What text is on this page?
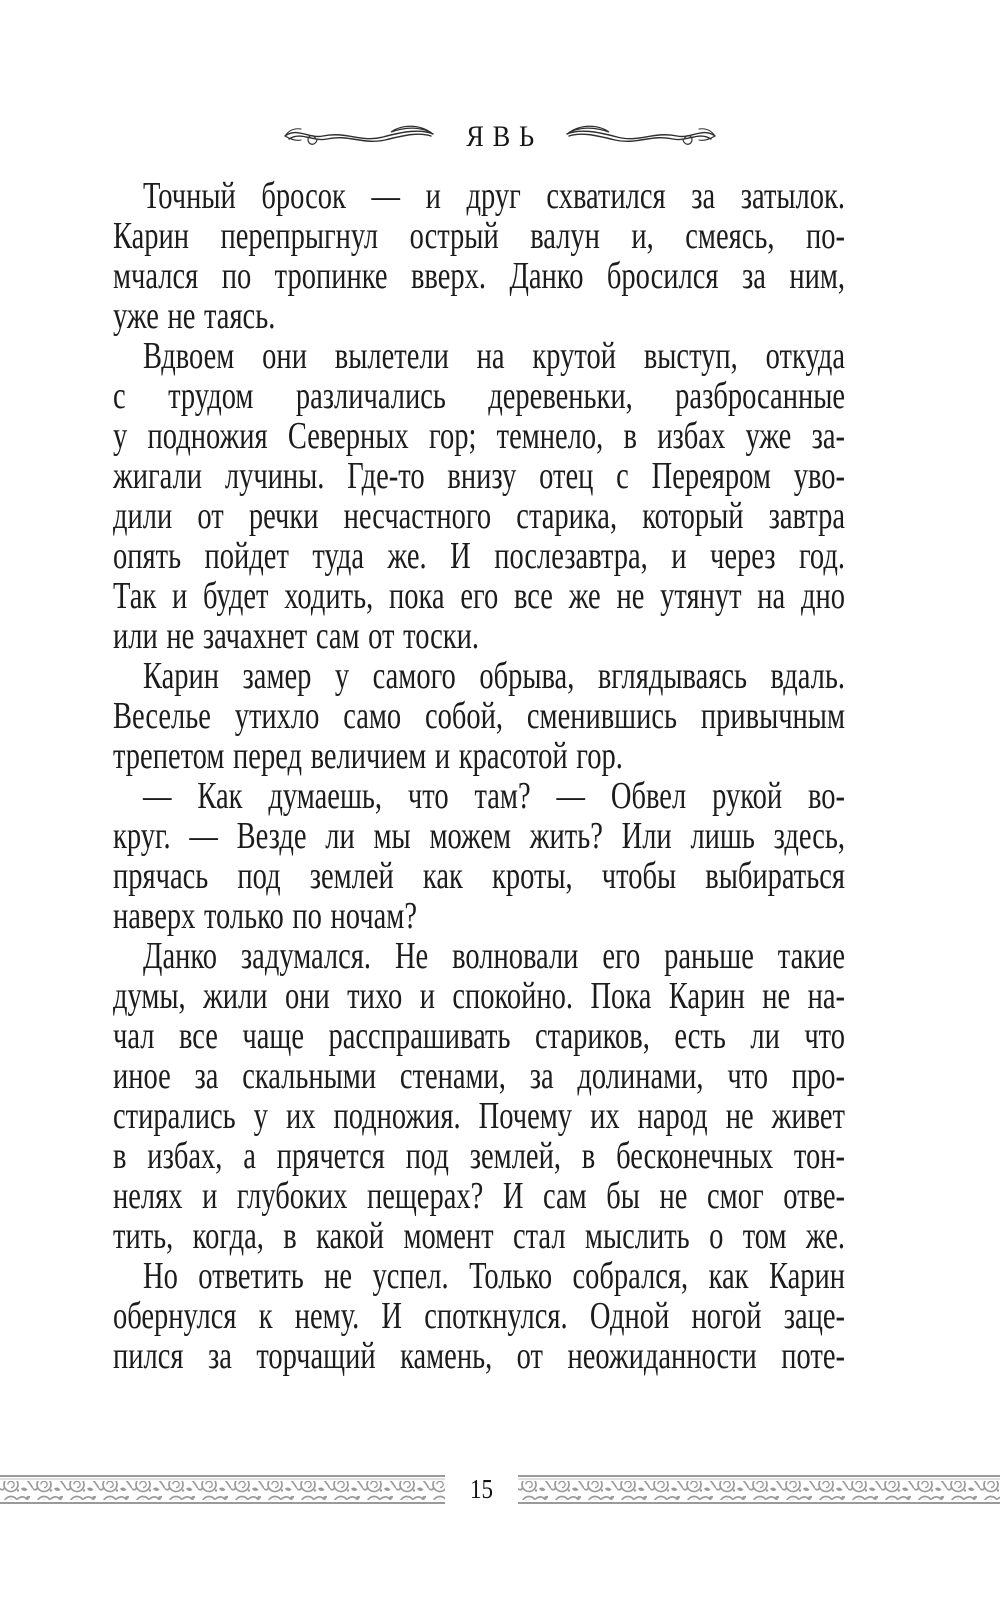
ЯВЬ
Точный бросок — и друг схватился за затылок.
Карин перепрыгнул острый валун и, смеясь, по-
мчался по тропинке вверх. Данко бросился за ним,
уже не таясь.
Вдвоем они вылетели на крутой выступ, откуда
с трудом различались деревеньки, разбросанные
у подножия Северных гор; темнело, в избах уже за-
жигали лучины. Где-то внизу отец с Переяром уво-
дили от речки несчастного старика, который завтра
опять пойдет туда же. И послезавтра, и через год.
Так и будет ходить, пока его все же не утянут на дно
или не зачахнет сам от тоски.
Карин замер у самого обрыва, вглядываясь вдаль.
Веселье утихло само собой, сменившись привычным
трепетом перед величием и красотой гор.
— Как думаешь, что там? — Обвел рукой во-
круг. — Везде ли мы можем жить? Или лишь здесь,
прячась под землей как кроты, чтобы выбираться
наверх только по ночам?
Данко задумался. Не волновали его раньше такие
думы, жили они тихо и спокойно. Пока Карин не на-
чал все чаще расспрашивать стариков, есть ли что
иное за скальными стенами, за долинами, что про-
стирались у их подножия. Почему их народ не живет
в избах, а прячется под землей, в бесконечных тон-
нелях и глубоких пещерах? И сам бы не смог отве-
тить, когда, в какой момент стал мыслить о том же.
Но ответить не успел. Только собрался, как Карин
обернулся к нему. И споткнулся. Одной ногой заце-
пился за торчащий камень, от неожиданности поте-
15
